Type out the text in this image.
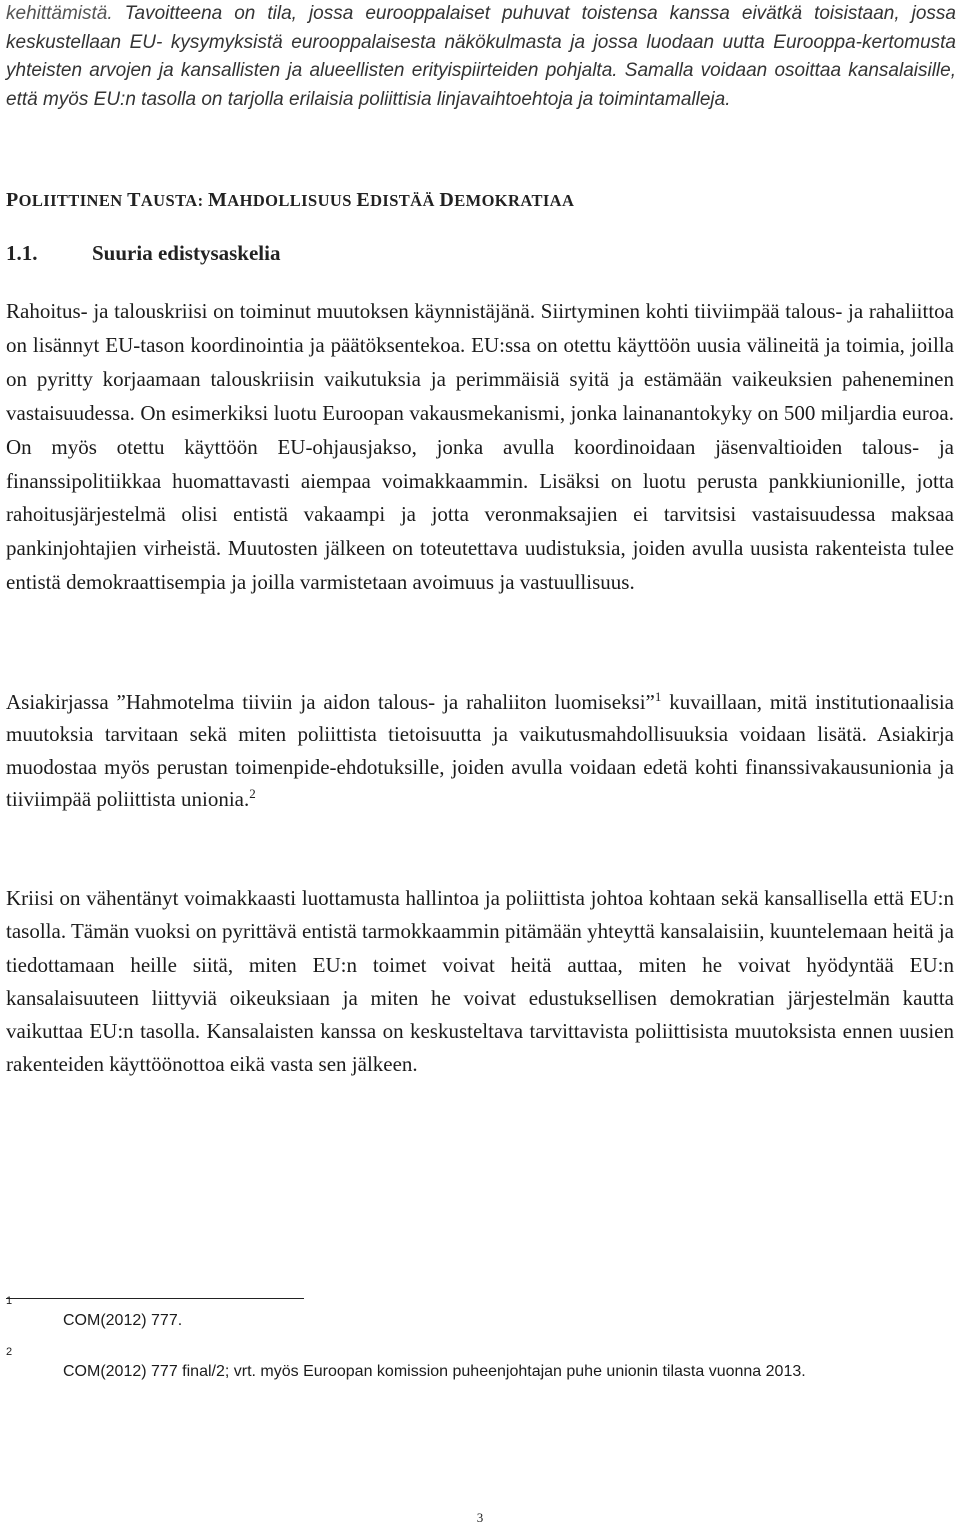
kehittämistä. Tavoitteena on tila, jossa eurooppalaiset puhuvat toistensa kanssa eivätkä toisistaan, jossa keskustellaan EU- kysymyksistä eurooppalaisesta näkökulmasta ja jossa luodaan uutta Eurooppa-kertomusta yhteisten arvojen ja kansallisten ja alueellisten erityispiirteiden pohjalta. Samalla voidaan osoittaa kansalaisille, että myös EU:n tasolla on tarjolla erilaisia poliittisia linjavaihtoehtoja ja toimintamalleja.

POLIITTINEN TAUSTA: MAHDOLLISUUS EDISTÄÄ DEMOKRATIAA

1.1.	Suuria edistysaskelia

Rahoitus- ja talouskriisi on toiminut muutoksen käynnistäjänä. Siirtyminen kohti tiiviimpää talous- ja rahaliittoa on lisännyt EU-tason koordinointia ja päätöksentekoa. EU:ssa on otettu käyttöön uusia välineitä ja toimia, joilla on pyritty korjaamaan talouskriisin vaikutuksia ja perimmäisiä syitä ja estämään vaikeuksien paheneminen vastaisuudessa. On esimerkiksi luotu Euroopan vakausmekanismi, jonka lainanantokyky on 500 miljardia euroa. On myös otettu käyttöön EU-ohjausjakso, jonka avulla koordinoidaan jäsenvaltioiden talous- ja finanssipolitiikkaa huomattavasti aiempaa voimakkaammin. Lisäksi on luotu perusta pankkiunionille, jotta rahoitusjärjestelmä olisi entistä vakaampi ja jotta veronmaksajien ei tarvitsisi vastaisuudessa maksaa pankinjohtajien virheistä. Muutosten jälkeen on toteutettava uudistuksia, joiden avulla uusista rakenteista tulee entistä demokraattisempia ja joilla varmistetaan avoimuus ja vastuullisuus.

Asiakirjassa ”Hahmotelma tiiviin ja aidon talous- ja rahaliiton luomiseksi”$^1$ kuvaillaan, mitä institutionaalisia muutoksia tarvitaan sekä miten poliittista tietoisuutta ja vaikutusmahdollisuuksia voidaan lisätä. Asiakirja muodostaa myös perustan toimenpide-ehdotuksille, joiden avulla voidaan edetä kohti finanssivakausunionia ja tiiviimpää poliittista unionia.$^2$

Kriisi on vähentänyt voimakkaasti luottamusta hallintoa ja poliittista johtoa kohtaan sekä kansallisella että EU:n tasolla. Tämän vuoksi on pyrittävä entistä tarmokkaammin pitämään yhteyttä kansalaisiin, kuuntelemaan heitä ja tiedottamaan heille siitä, miten EU:n toimet voivat heitä auttaa, miten he voivat hyödyntää EU:n kansalaisuuteen liittyviä oikeuksiaan ja miten he voivat edustuksellisen demokratian järjestelmän kautta vaikuttaa EU:n tasolla. Kansalaisten kanssa on keskusteltava tarvittavista poliittisista muutoksista ennen uusien rakenteiden käyttöönottoa eikä vasta sen jälkeen.

1
COM(2012) 777.
2
COM(2012) 777 final/2; vrt. myös Euroopan komission puheenjohtajan puhe unionin tilasta vuonna 2013.

3
